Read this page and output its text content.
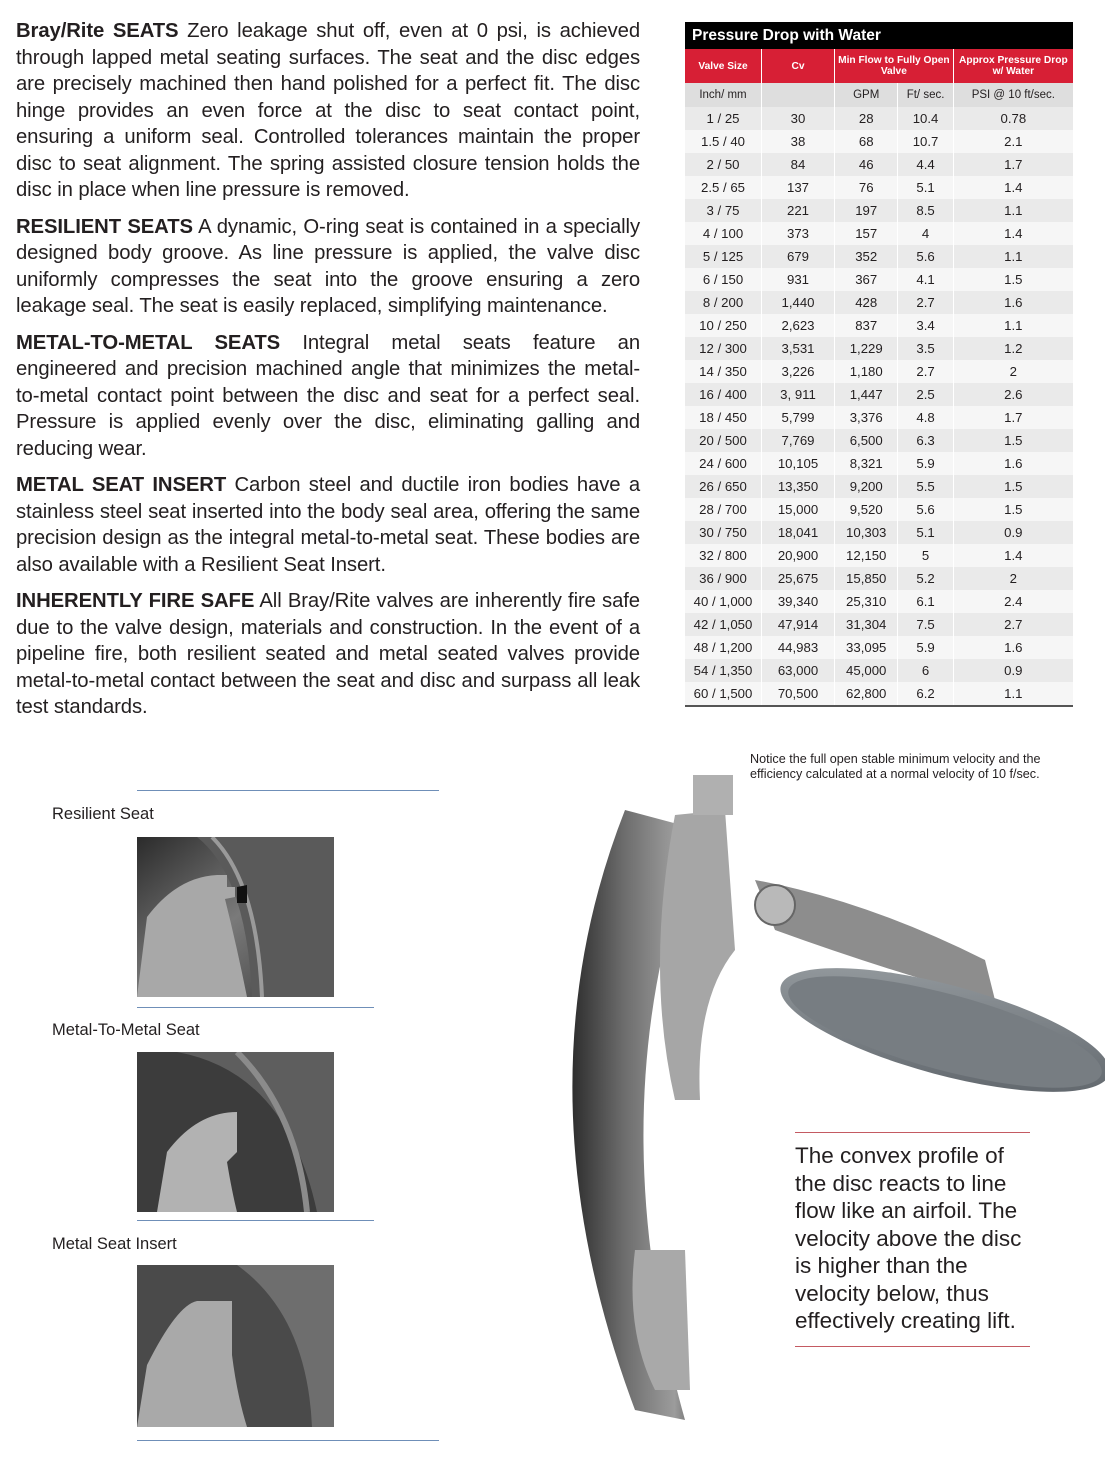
Bray/Rite SEATS Zero leakage shut off, even at 0 psi, is achieved through lapped metal seating surfaces. The seat and the disc edges are precisely machined then hand polished for a perfect fit. The disc hinge provides an even force at the disc to seat contact point, ensuring a uniform seal. Controlled tolerances maintain the proper disc to seat alignment. The spring assisted closure tension holds the disc in place when line pressure is removed.

RESILIENT SEATS A dynamic, O-ring seat is contained in a specially designed body groove. As line pressure is applied, the valve disc uniformly compresses the seat into the groove ensuring a zero leakage seal. The seat is easily replaced, simplifying maintenance.

METAL-TO-METAL SEATS Integral metal seats feature an engineered and precision machined angle that minimizes the metal-to-metal contact point between the disc and seat for a perfect seal. Pressure is applied evenly over the disc, eliminating galling and reducing wear.

METAL SEAT INSERT Carbon steel and ductile iron bodies have a stainless steel seat inserted into the body seal area, offering the same precision design as the integral metal-to-metal seat. These bodies are also available with a Resilient Seat Insert.

INHERENTLY FIRE SAFE All Bray/Rite valves are inherently fire safe due to the valve design, materials and construction. In the event of a pipeline fire, both resilient seated and metal seated valves provide metal-to-metal contact between the seat and disc and surpass all leak test standards.

Pressure Drop with Water
Valve Size	Cv	Min Flow to Fully Open Valve		Approx Pressure Drop w/ Water
Inch/ mm		GPM	Ft/ sec.	PSI @ 10 ft/sec.
1 / 25	30	28	10.4	0.78
1.5 / 40	38	68	10.7	2.1
2 / 50	84	46	4.4	1.7
2.5 / 65	137	76	5.1	1.4
3 / 75	221	197	8.5	1.1
4 / 100	373	157	4	1.4
5 / 125	679	352	5.6	1.1
6 / 150	931	367	4.1	1.5
8 / 200	1,440	428	2.7	1.6
10 / 250	2,623	837	3.4	1.1
12 / 300	3,531	1,229	3.5	1.2
14 / 350	3,226	1,180	2.7	2
16 / 400	3, 911	1,447	2.5	2.6
18 / 450	5,799	3,376	4.8	1.7
20 / 500	7,769	6,500	6.3	1.5
24 / 600	10,105	8,321	5.9	1.6
26 / 650	13,350	9,200	5.5	1.5
28 / 700	15,000	9,520	5.6	1.5
30 / 750	18,041	10,303	5.1	0.9
32 / 800	20,900	12,150	5	1.4
36 / 900	25,675	15,850	5.2	2
40 / 1,000	39,340	25,310	6.1	2.4
42 / 1,050	47,914	31,304	7.5	2.7
48 / 1,200	44,983	33,095	5.9	1.6
54 / 1,350	63,000	45,000	6	0.9
60 / 1,500	70,500	62,800	6.2	1.1
Notice the full open stable minimum velocity and the efficiency calculated at a normal velocity of 10 f/sec.
Resilient Seat
Metal-To-Metal Seat
Metal Seat Insert
The convex profile of the disc reacts to line flow like an airfoil. The velocity above the disc is higher than the velocity below, thus effectively creating lift.
